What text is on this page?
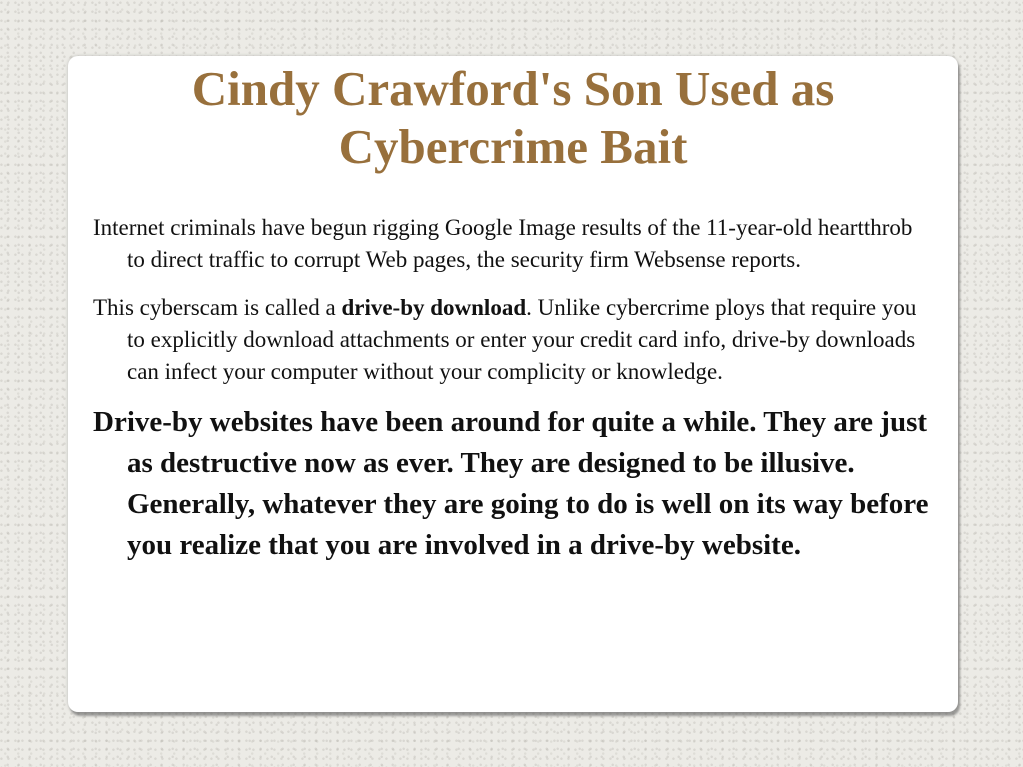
Cindy Crawford's Son Used as Cybercrime Bait

Internet criminals have begun rigging Google Image results of the 11-year-old heartthrob to direct traffic to corrupt Web pages, the security firm Websense reports.

This cyberscam is called a drive-by download. Unlike cybercrime ploys that require you to explicitly download attachments or enter your credit card info, drive-by downloads can infect your computer without your complicity or knowledge.

Drive-by websites have been around for quite a while. They are just as destructive now as ever. They are designed to be illusive. Generally, whatever they are going to do is well on its way before you realize that you are involved in a drive-by website.
